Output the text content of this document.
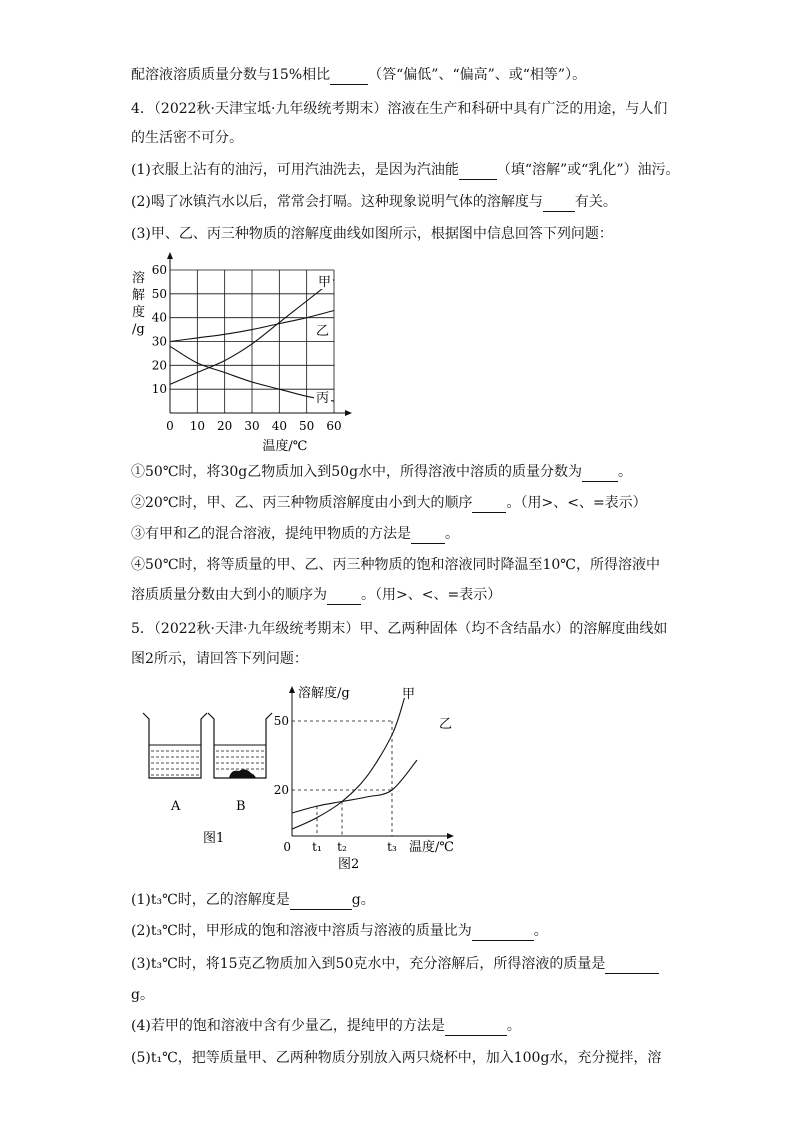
配溶液溶质质量分数与15%相比	（答“偏低”、“偏高”、或“相等”）。
4．（2022秋·天津宝坻·九年级统考期末）溶液在生产和科研中具有广泛的用途，与人们
的生活密不可分。
(1)衣服上沾有的油污，可用汽油洗去，是因为汽油能	（填“溶解”或“乳化”）油污。
(2)喝了冰镇汽水以后，常常会打嗝。这种现象说明气体的溶解度与 有关。
(3)甲、乙、丙三种物质的溶解度曲线如图所示，根据图中信息回答下列问题：
0 10 20 30 40 50 60
10
20
30
40
50
60
溶
解
度
/g
温度/℃
甲
乙
丙
①50℃时，将30g乙物质加入到50g水中，所得溶液中溶质的质量分数为	。
②20℃时，甲、乙、丙三种物质溶解度由小到大的顺序 。（用>、<、=表示）
③有甲和乙的混合溶液，提纯甲物质的方法是 。
④50℃时，将等质量的甲、乙、丙三种物质的饱和溶液同时降温至10℃，所得溶液中
溶质质量分数由大到小的顺序为 。（用>、<、=表示）
5．（2022秋·天津·九年级统考期末）甲、乙两种固体（均不含结晶水）的溶解度曲线如
图2所示，请回答下列问题：
A	B
图1
20
50
t₁ t₂	t₃
0	温度/℃
溶解度/g
图2
甲
乙
(1)t₃℃时，乙的溶解度是	g。
(2)t₃℃时，甲形成的饱和溶液中溶质与溶液的质量比为	。
(3)t₃℃时，将15克乙物质加入到50克水中，充分溶解后，所得溶液的质量是
g。
(4)若甲的饱和溶液中含有少量乙，提纯甲的方法是	。
(5)t₁℃，把等质量甲、乙两种物质分别放入两只烧杯中，加入100g水，充分搅拌，溶
